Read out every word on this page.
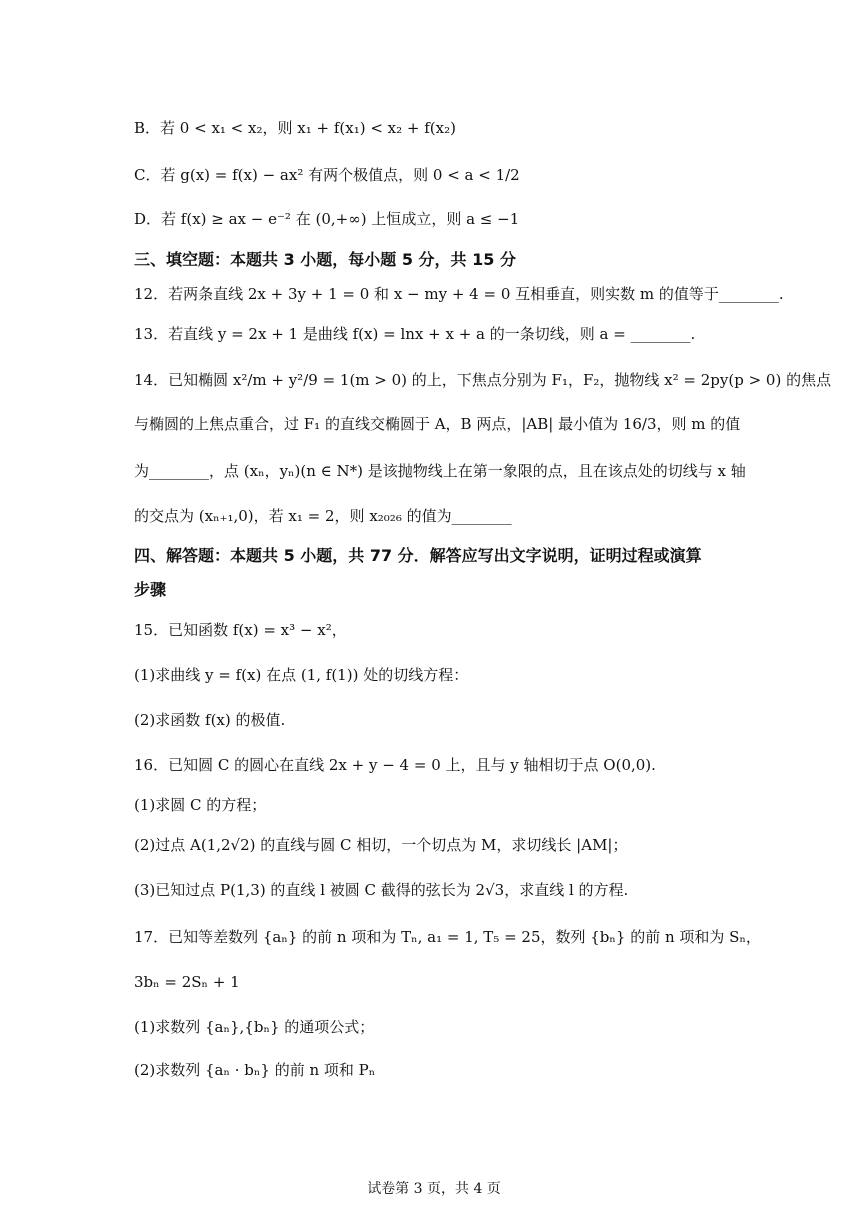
B．若 0 < x₁ < x₂，则 x₁ + f(x₁) < x₂ + f(x₂)
C．若 g(x) = f(x) − ax² 有两个极值点，则 0 < a < 1/2
D．若 f(x) ≥ ax − e⁻² 在 (0,+∞) 上恒成立，则 a ≤ −1
三、填空题：本题共 3 小题，每小题 5 分，共 15 分
12．若两条直线 2x + 3y + 1 = 0 和 x − my + 4 = 0 互相垂直，则实数 m 的值等于________.
13．若直线 y = 2x + 1 是曲线 f(x) = lnx + x + a 的一条切线，则 a = ________.
14．已知椭圆 x²/m + y²/9 = 1(m > 0) 的上，下焦点分别为 F₁，F₂，抛物线 x² = 2py(p > 0) 的焦点
与椭圆的上焦点重合，过 F₁ 的直线交椭圆于 A，B 两点，|AB| 最小值为 16/3，则 m 的值
为________，点 (xₙ，yₙ)(n ∈ N*) 是该抛物线上在第一象限的点，且在该点处的切线与 x 轴
的交点为 (xₙ₊₁,0)，若 x₁ = 2，则 x₂₀₂₆ 的值为________
四、解答题：本题共 5 小题，共 77 分．解答应写出文字说明，证明过程或演算
步骤
15．已知函数 f(x) = x³ − x²，
(1)求曲线 y = f(x) 在点 (1, f(1)) 处的切线方程：
(2)求函数 f(x) 的极值.
16．已知圆 C 的圆心在直线 2x + y − 4 = 0 上，且与 y 轴相切于点 O(0,0).
(1)求圆 C 的方程；
(2)过点 A(1,2√2) 的直线与圆 C 相切，一个切点为 M，求切线长 |AM|；
(3)已知过点 P(1,3) 的直线 l 被圆 C 截得的弦长为 2√3，求直线 l 的方程.
17．已知等差数列 {aₙ} 的前 n 项和为 Tₙ, a₁ = 1, T₅ = 25，数列 {bₙ} 的前 n 项和为 Sₙ，
3bₙ = 2Sₙ + 1
(1)求数列 {aₙ},{bₙ} 的通项公式；
(2)求数列 {aₙ · bₙ} 的前 n 项和 Pₙ
试卷第 3 页，共 4 页
